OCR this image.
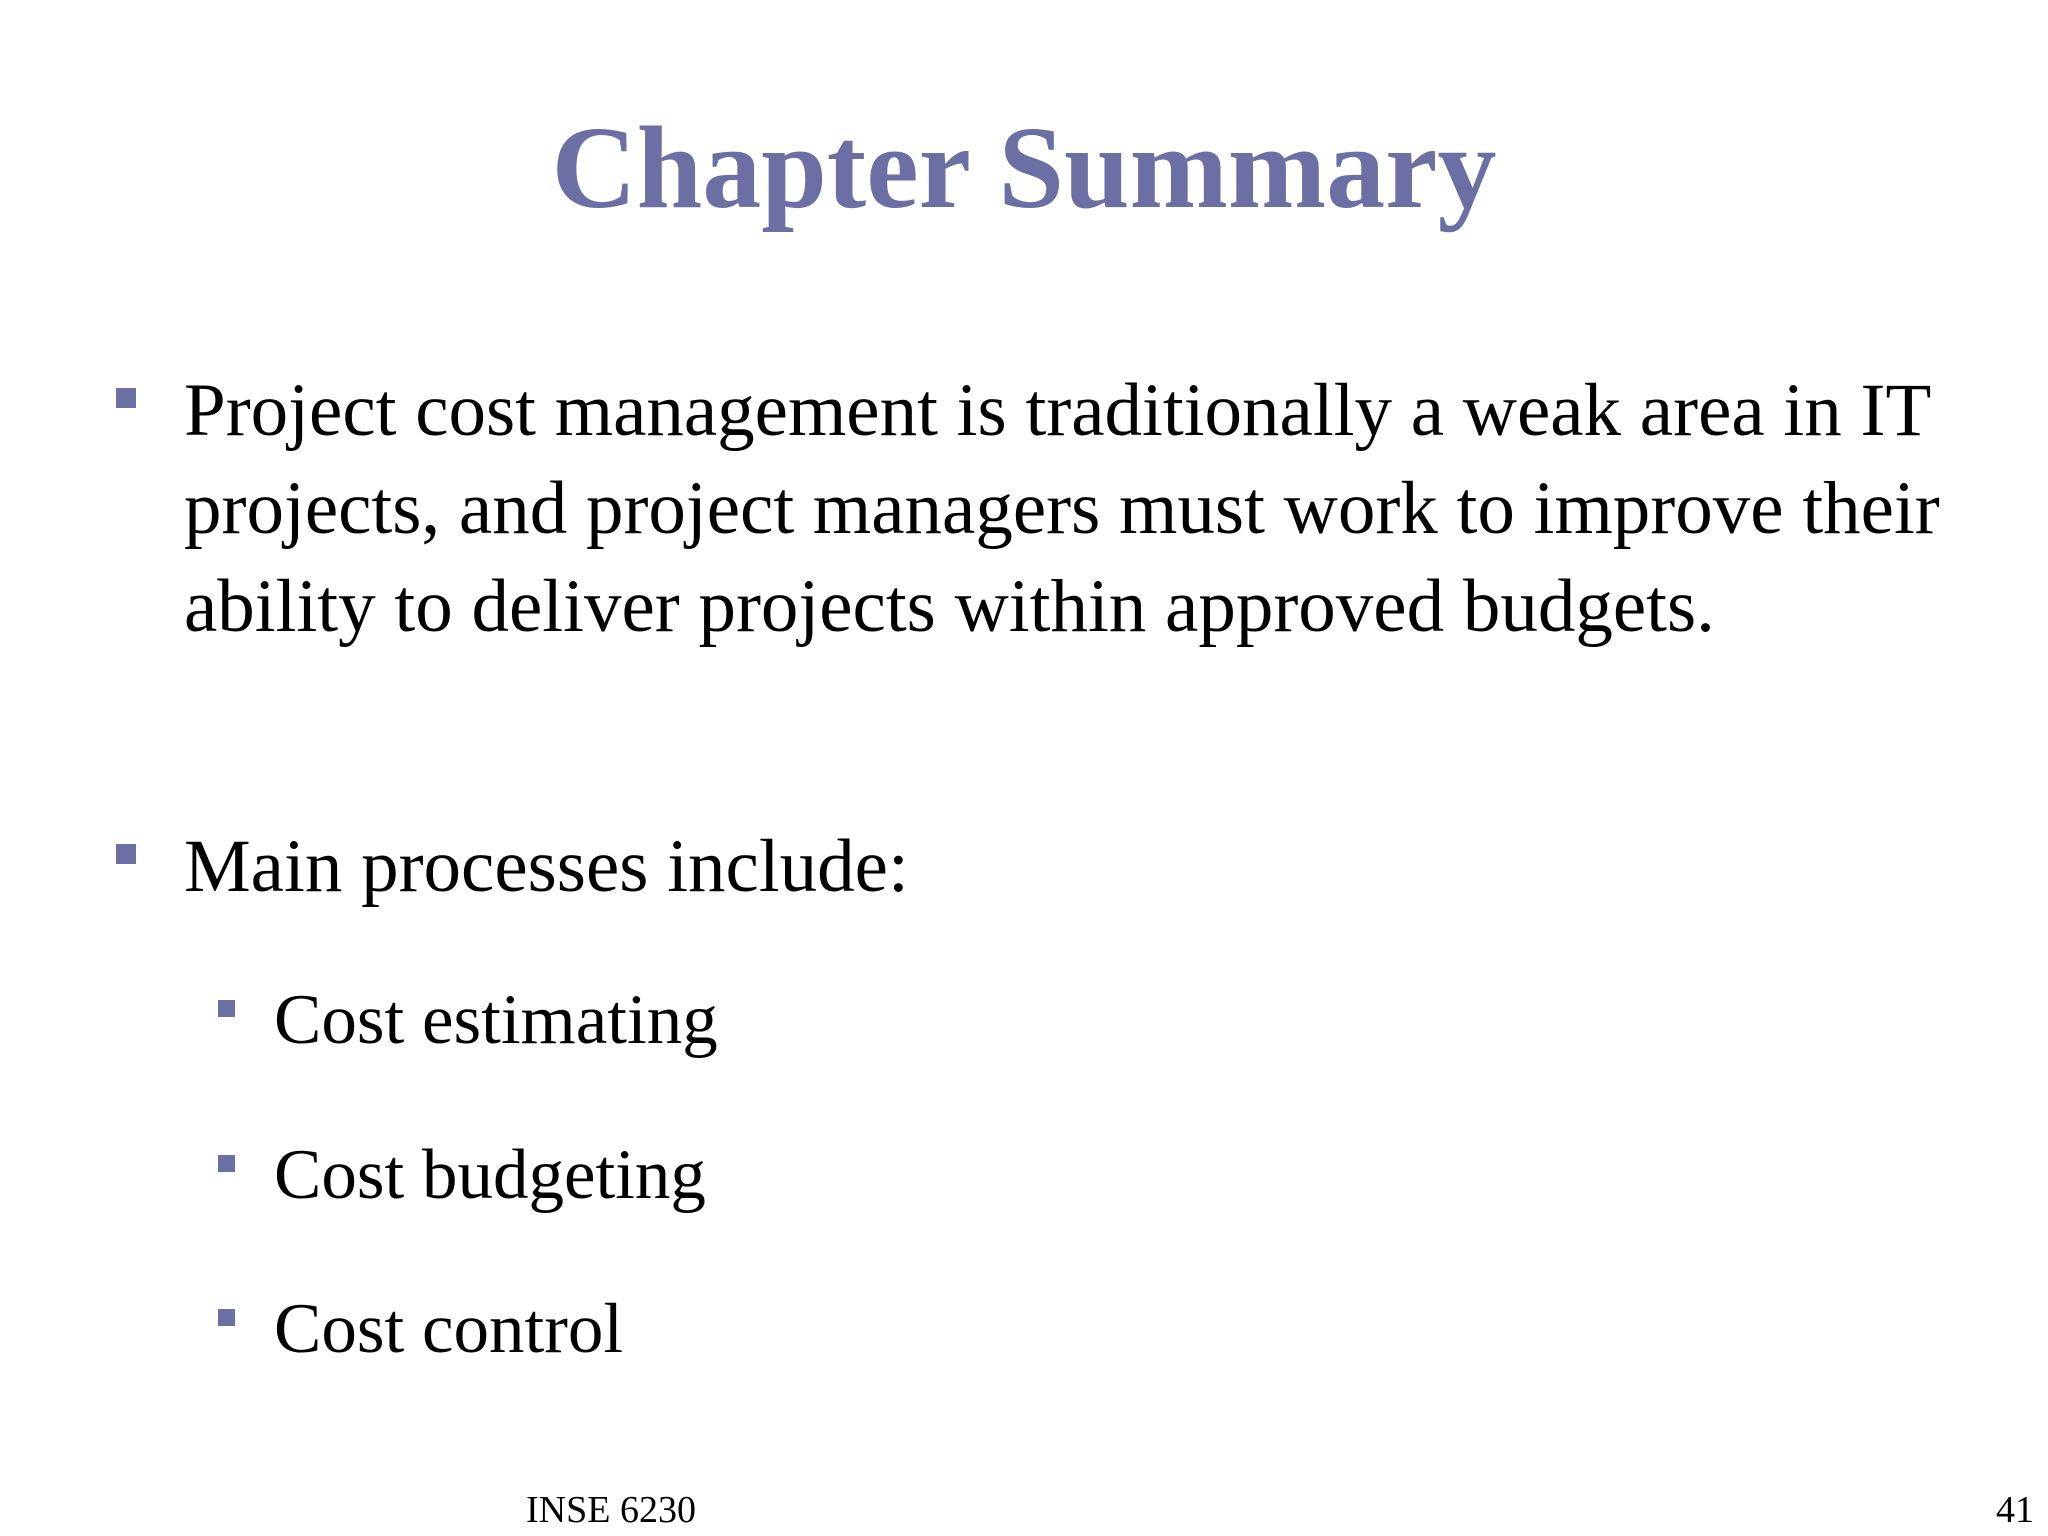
Chapter Summary

Project cost management is traditionally a weak area in IT projects, and project managers must work to improve their ability to deliver projects within approved budgets.

Main processes include:

Cost estimating

Cost budgeting

Cost control

INSE 6230	41
